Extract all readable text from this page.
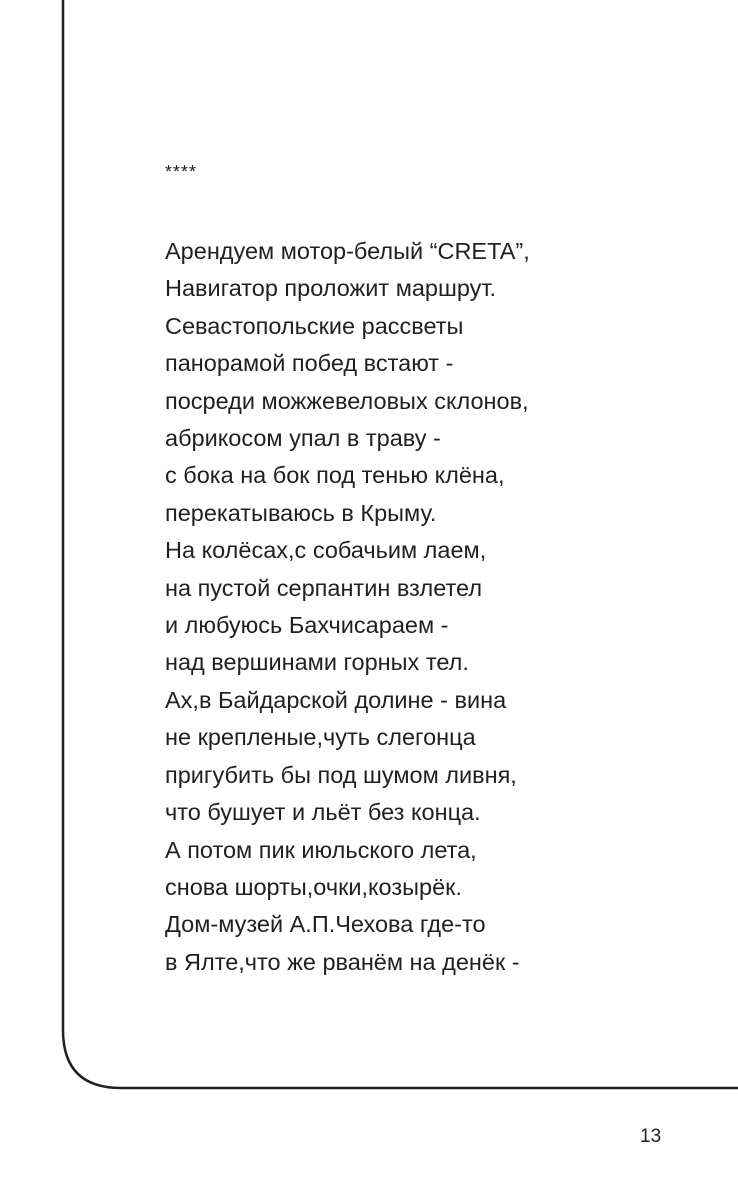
****

Арендуем мотор-белый “CRETA”,
Навигатор проложит маршрут.
Севастопольские рассветы
панорамой побед встают -
посреди можжевеловых склонов,
абрикосом упал в траву -
с бока на бок под тенью клёна,
перекатываюсь в Крыму.
На колёсах,с собачьим лаем,
на пустой серпантин взлетел
и любуюсь Бахчисараем -
над вершинами горных тел.
Ах,в Байдарской долине - вина
не крепленые,чуть слегонца
пригубить бы под шумом ливня,
что бушует и льёт без конца.
А потом пик июльского лета,
снова шорты,очки,козырёк.
Дом-музей А.П.Чехова где-то
в Ялте,что же рванём на денёк -
13
